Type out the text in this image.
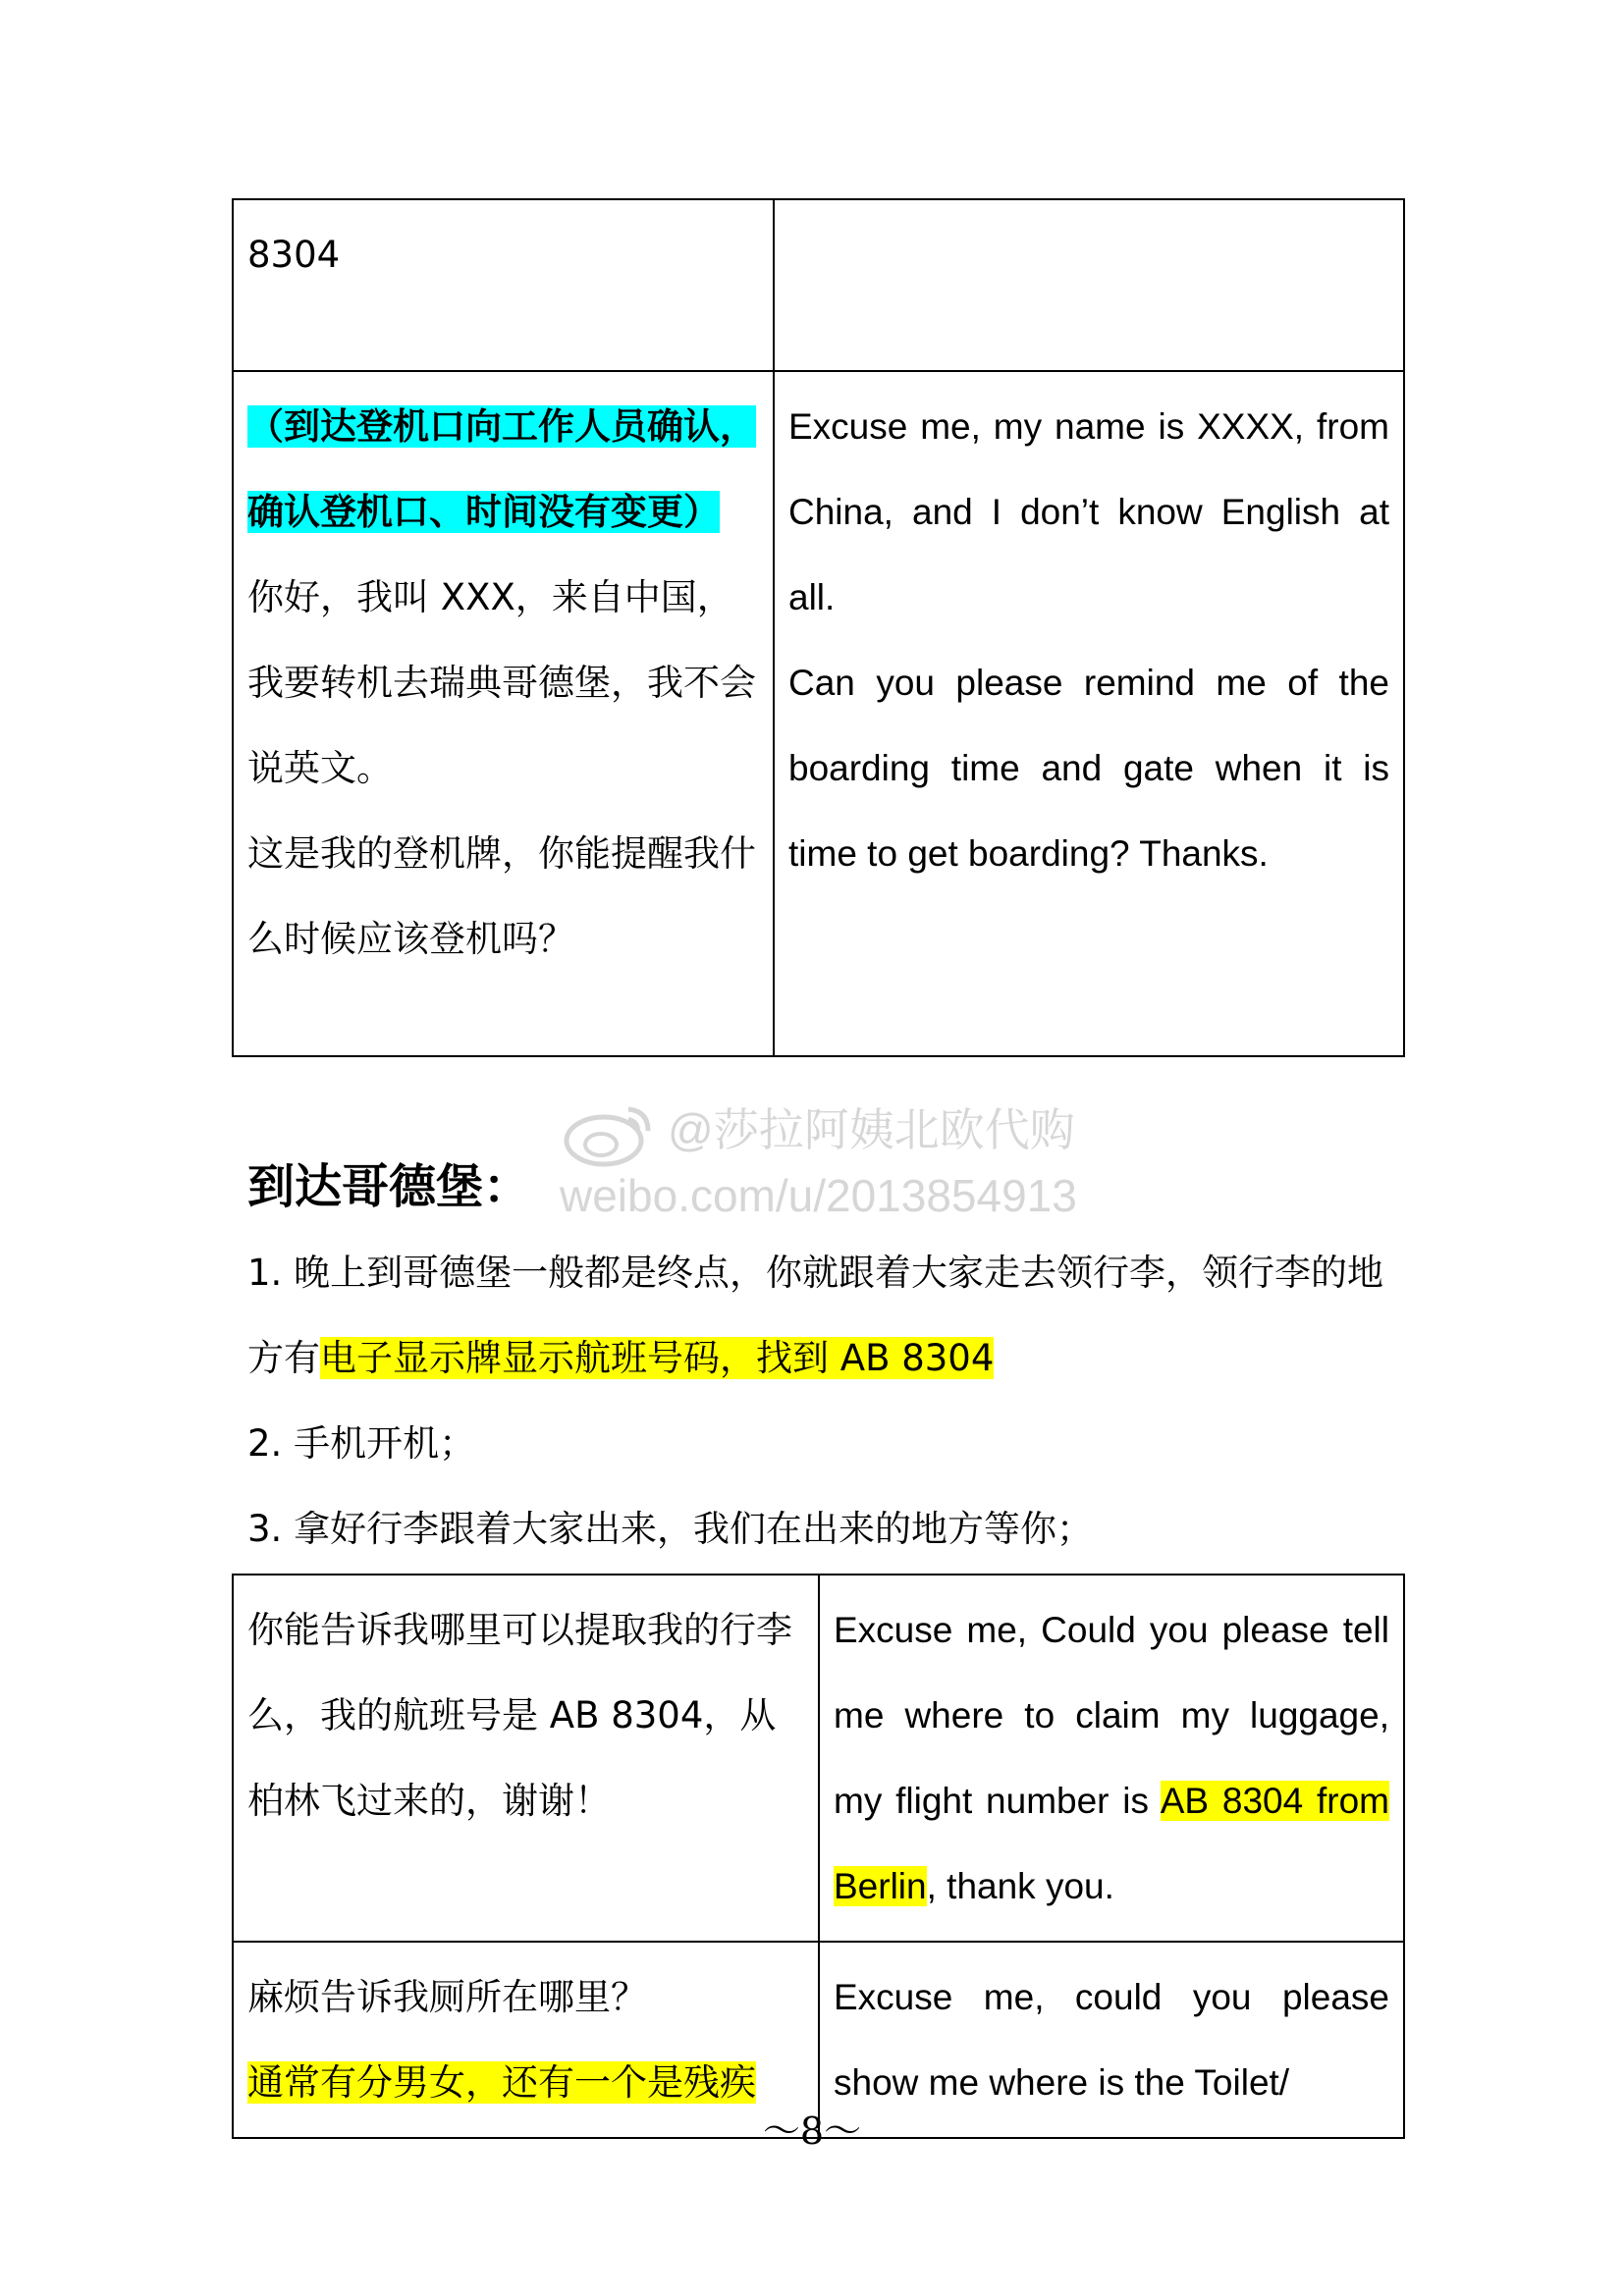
8304	
（到达登机口向工作人员确认，确认登机口、时间没有变更）
你好，我叫 XXX，来自中国，我要转机去瑞典哥德堡，我不会说英文。
这是我的登机牌，你能提醒我什么时候应该登机吗？	Excuse me, my name is XXXX, from China, and I don’t know English at all.
Can you please remind me of the boarding time and gate when it is time to get boarding? Thanks.
@莎拉阿姨北欧代购
weibo.com/u/2013854913
到达哥德堡：

1. 晚上到哥德堡一般都是终点，你就跟着大家走去领行李，领行李的地方有电子显示牌显示航班号码，找到 AB 8304

2. 手机开机；

3. 拿好行李跟着大家出来，我们在出来的地方等你；

你能告诉我哪里可以提取我的行李么，我的航班号是 AB 8304，从柏林飞过来的，谢谢！	Excuse me, Could you please tell me where to claim my luggage, my flight number is AB 8304 from Berlin, thank you.
麻烦告诉我厕所在哪里？
通常有分男女，还有一个是残疾	Excuse me, could you please show me where is the Toilet/
～8～
